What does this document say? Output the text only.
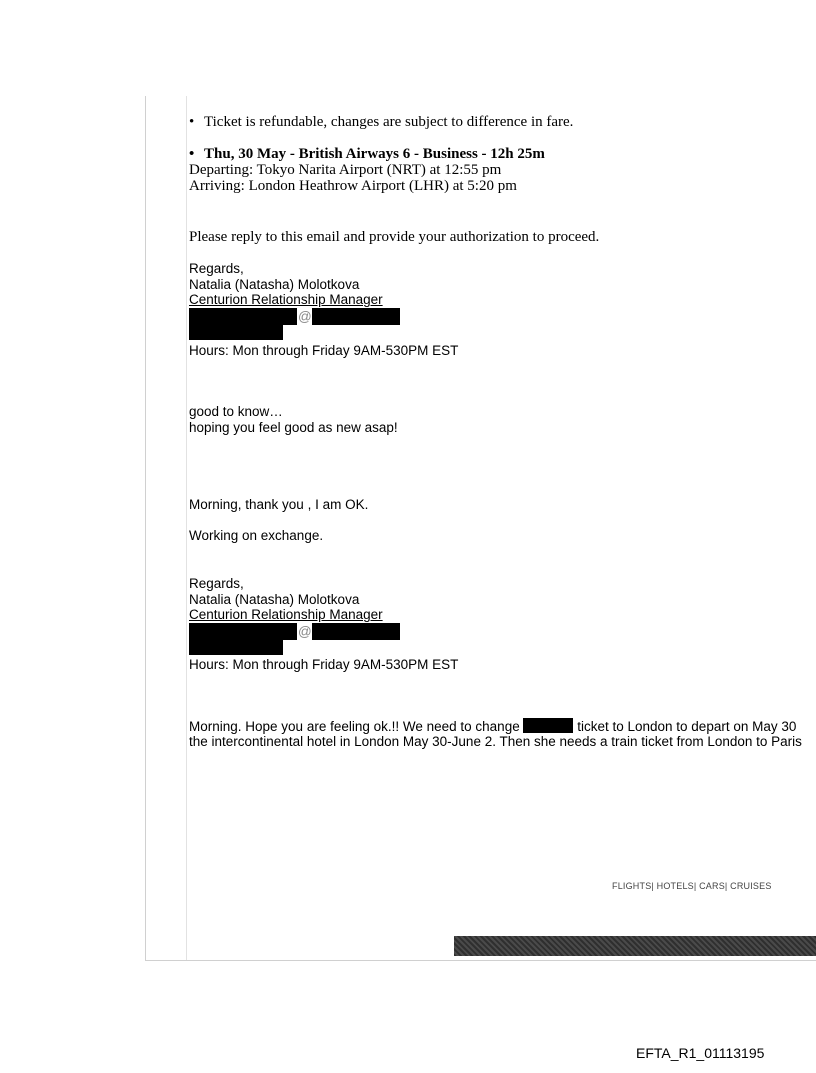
• Ticket is refundable, changes are subject to difference in fare.
• Thu, 30 May - British Airways 6 - Business - 12h 25m
Departing: Tokyo Narita Airport (NRT) at 12:55 pm
Arriving: London Heathrow Airport (LHR) at 5:20 pm
Please reply to this email and provide your authorization to proceed.
Regards,
Natalia (Natasha) Molotkova
Centurion Relationship Manager
@
Hours: Mon through Friday 9AM-530PM EST
good to know…
hoping you feel good as new asap!
Morning, thank you , I am OK.
Working on exchange.
Regards,
Natalia (Natasha) Molotkova
Centurion Relationship Manager
@
Hours: Mon through Friday 9AM-530PM EST
Morning. Hope you are feeling ok.!! We need to change	ticket to London to depart on May 30
the intercontinental hotel in London May 30-June 2. Then she needs a train ticket from London to Paris
FLIGHTS| HOTELS| CARS| CRUISES
EFTA_R1_01113195
